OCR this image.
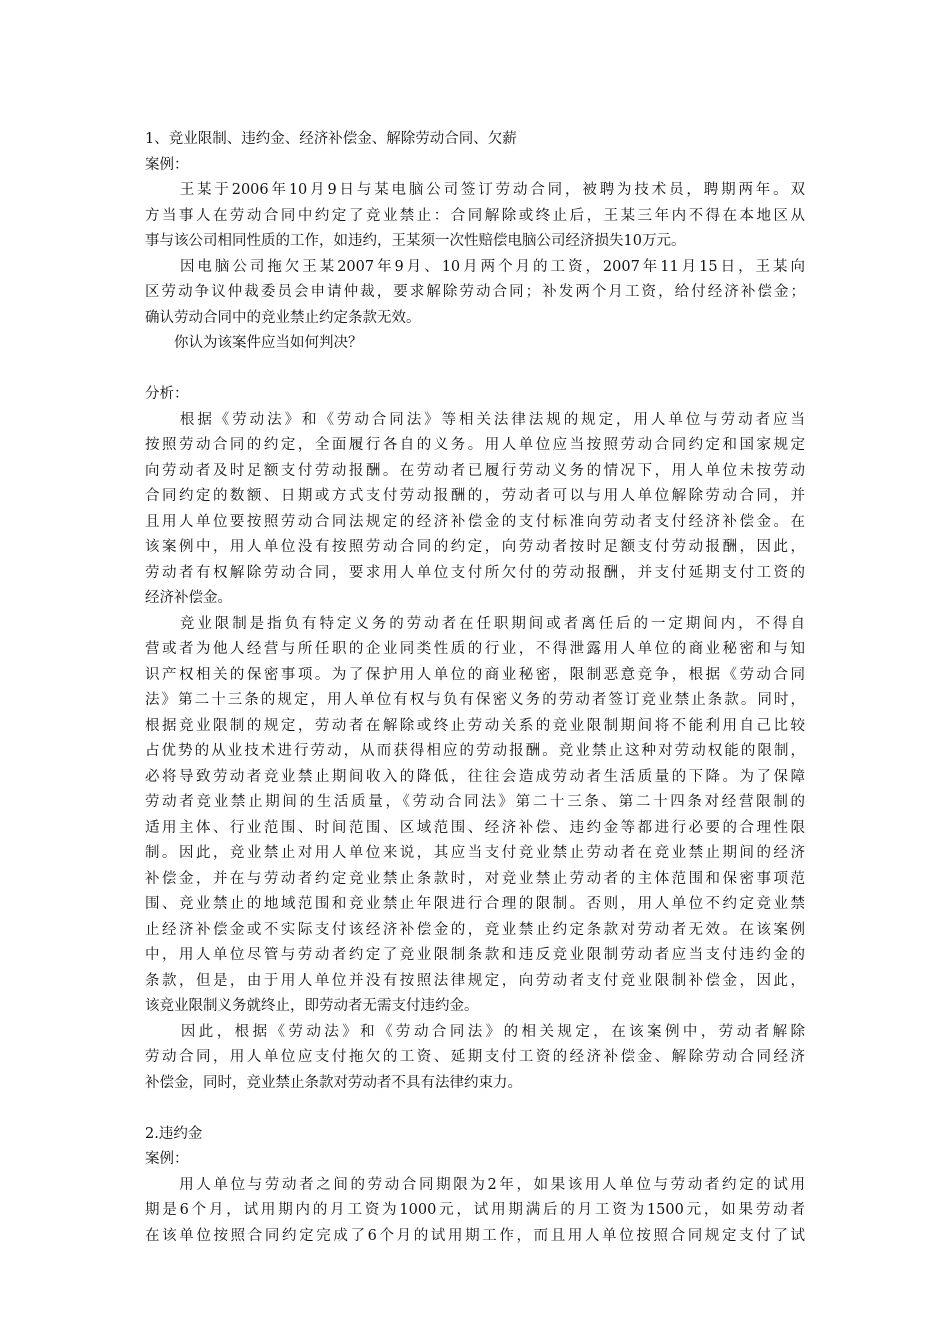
1、竞业限制、违约金、经济补偿金、解除劳动合同、欠薪
案例：
　　王某于2006年10月9日与某电脑公司签订劳动合同，被聘为技术员，聘期两年。双
方当事人在劳动合同中约定了竞业禁止：合同解除或终止后，王某三年内不得在本地区从
事与该公司相同性质的工作，如违约，王某须一次性赔偿电脑公司经济损失10万元。
　　因电脑公司拖欠王某2007年9月、10月两个月的工资，2007年11月15日，王某向
区劳动争议仲裁委员会申请仲裁，要求解除劳动合同；补发两个月工资，给付经济补偿金；
确认劳动合同中的竞业禁止约定条款无效。
　　你认为该案件应当如何判决？
分析：
　　根据《劳动法》和《劳动合同法》等相关法律法规的规定，用人单位与劳动者应当
按照劳动合同的约定，全面履行各自的义务。用人单位应当按照劳动合同约定和国家规定
向劳动者及时足额支付劳动报酬。在劳动者已履行劳动义务的情况下，用人单位未按劳动
合同约定的数额、日期或方式支付劳动报酬的，劳动者可以与用人单位解除劳动合同，并
且用人单位要按照劳动合同法规定的经济补偿金的支付标准向劳动者支付经济补偿金。在
该案例中，用人单位没有按照劳动合同的约定，向劳动者按时足额支付劳动报酬，因此，
劳动者有权解除劳动合同，要求用人单位支付所欠付的劳动报酬，并支付延期支付工资的
经济补偿金。
　　竞业限制是指负有特定义务的劳动者在任职期间或者离任后的一定期间内，不得自
营或者为他人经营与所任职的企业同类性质的行业，不得泄露用人单位的商业秘密和与知
识产权相关的保密事项。为了保护用人单位的商业秘密，限制恶意竞争，根据《劳动合同
法》第二十三条的规定，用人单位有权与负有保密义务的劳动者签订竞业禁止条款。同时，
根据竞业限制的规定，劳动者在解除或终止劳动关系的竞业限制期间将不能利用自己比较
占优势的从业技术进行劳动，从而获得相应的劳动报酬。竞业禁止这种对劳动权能的限制，
必将导致劳动者竞业禁止期间收入的降低，往往会造成劳动者生活质量的下降。为了保障
劳动者竞业禁止期间的生活质量，《劳动合同法》第二十三条、第二十四条对经营限制的
适用主体、行业范围、时间范围、区域范围、经济补偿、违约金等都进行必要的合理性限
制。因此，竞业禁止对用人单位来说，其应当支付竞业禁止劳动者在竞业禁止期间的经济
补偿金，并在与劳动者约定竞业禁止条款时，对竞业禁止劳动者的主体范围和保密事项范
围、竞业禁止的地域范围和竞业禁止年限进行合理的限制。否则，用人单位不约定竞业禁
止经济补偿金或不实际支付该经济补偿金的，竞业禁止约定条款对劳动者无效。在该案例
中，用人单位尽管与劳动者约定了竞业限制条款和违反竞业限制劳动者应当支付违约金的
条款，但是，由于用人单位并没有按照法律规定，向劳动者支付竞业限制补偿金，因此，
该竞业限制义务就终止，即劳动者无需支付违约金。
　　因此，根据《劳动法》和《劳动合同法》的相关规定，在该案例中，劳动者解除
劳动合同，用人单位应支付拖欠的工资、延期支付工资的经济补偿金、解除劳动合同经济
补偿金，同时，竞业禁止条款对劳动者不具有法律约束力。
2.违约金
案例：
　　用人单位与劳动者之间的劳动合同期限为2年，如果该用人单位与劳动者约定的试用
期是6个月，试用期内的月工资为1000元，试用期满后的月工资为1500元，如果劳动者
在该单位按照合同约定完成了6个月的试用期工作，而且用人单位按照合同规定支付了试
